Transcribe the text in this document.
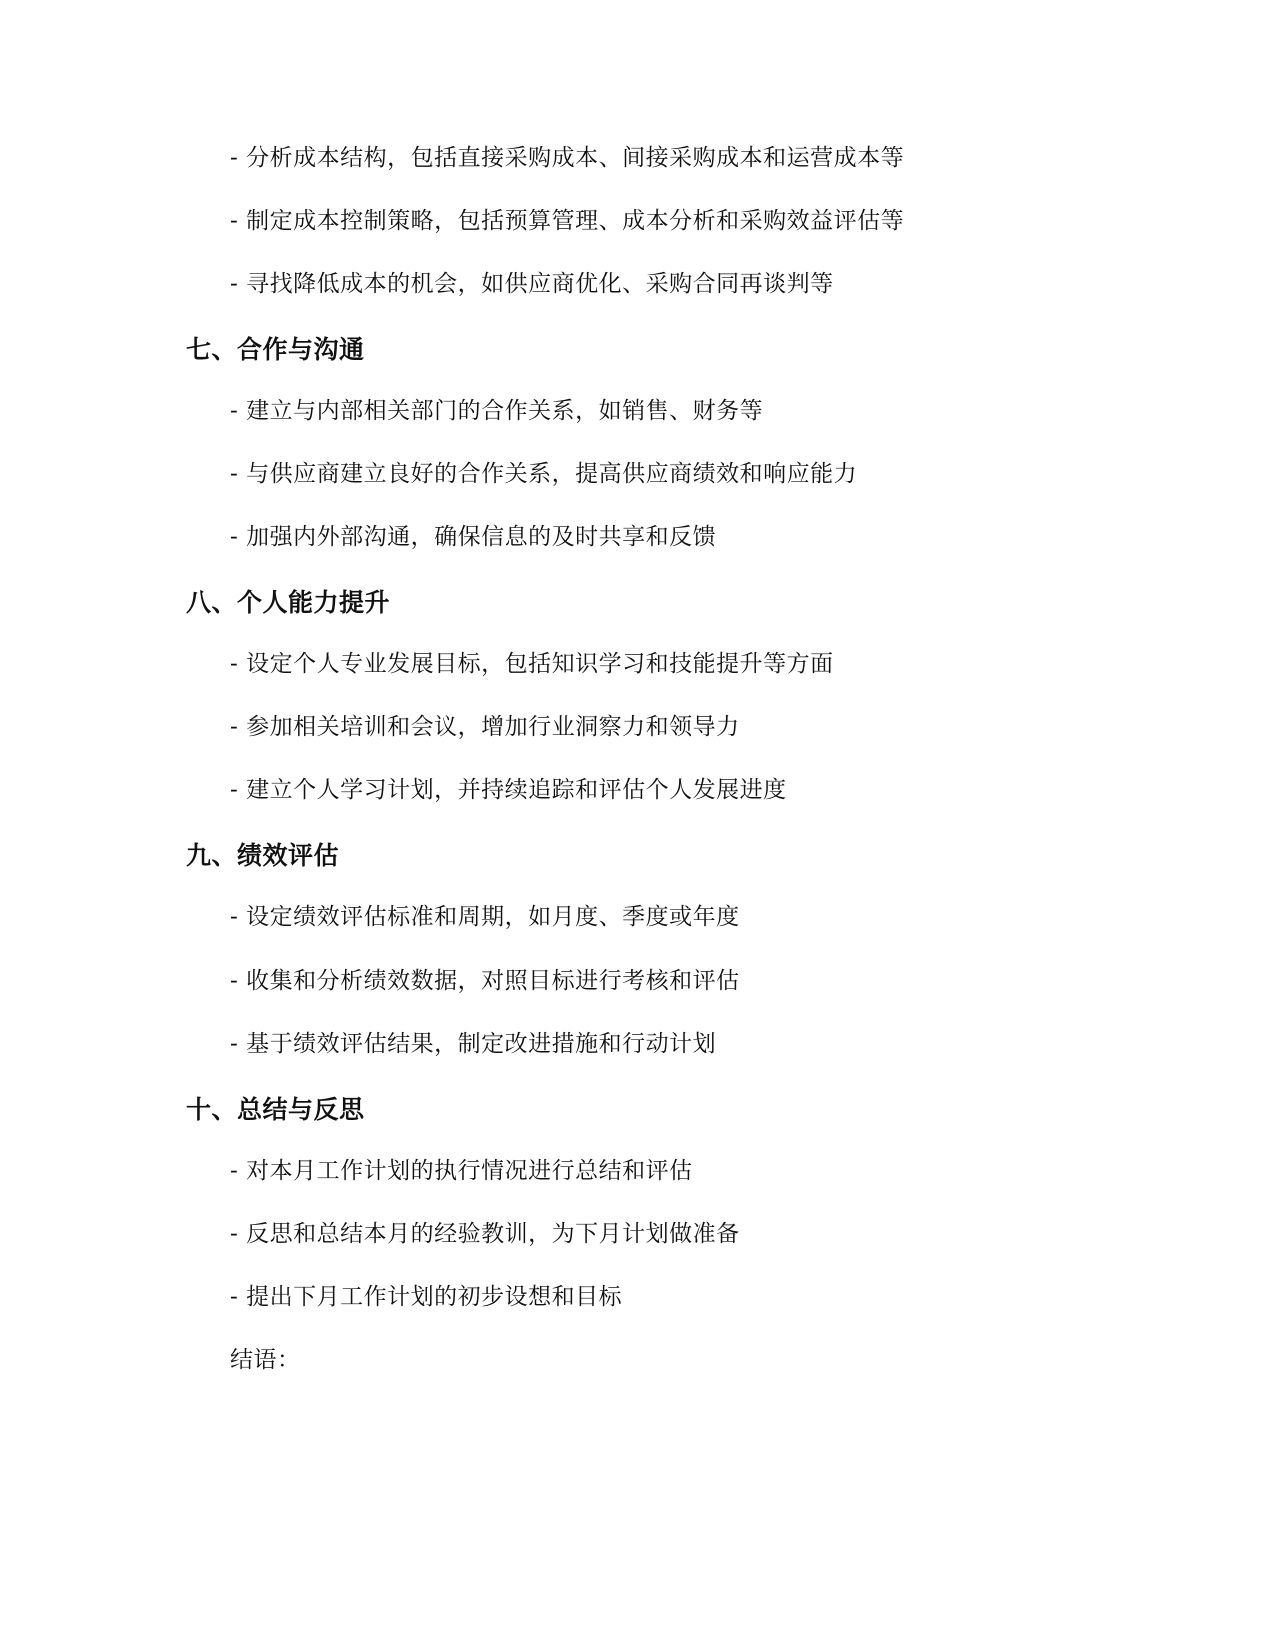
- 分析成本结构，包括直接采购成本、间接采购成本和运营成本等
- 制定成本控制策略，包括预算管理、成本分析和采购效益评估等
- 寻找降低成本的机会，如供应商优化、采购合同再谈判等
七、合作与沟通
- 建立与内部相关部门的合作关系，如销售、财务等
- 与供应商建立良好的合作关系，提高供应商绩效和响应能力
- 加强内外部沟通，确保信息的及时共享和反馈
八、个人能力提升
- 设定个人专业发展目标，包括知识学习和技能提升等方面
- 参加相关培训和会议，增加行业洞察力和领导力
- 建立个人学习计划，并持续追踪和评估个人发展进度
九、绩效评估
- 设定绩效评估标准和周期，如月度、季度或年度
- 收集和分析绩效数据，对照目标进行考核和评估
- 基于绩效评估结果，制定改进措施和行动计划
十、总结与反思
- 对本月工作计划的执行情况进行总结和评估
- 反思和总结本月的经验教训，为下月计划做准备
- 提出下月工作计划的初步设想和目标
结语：
